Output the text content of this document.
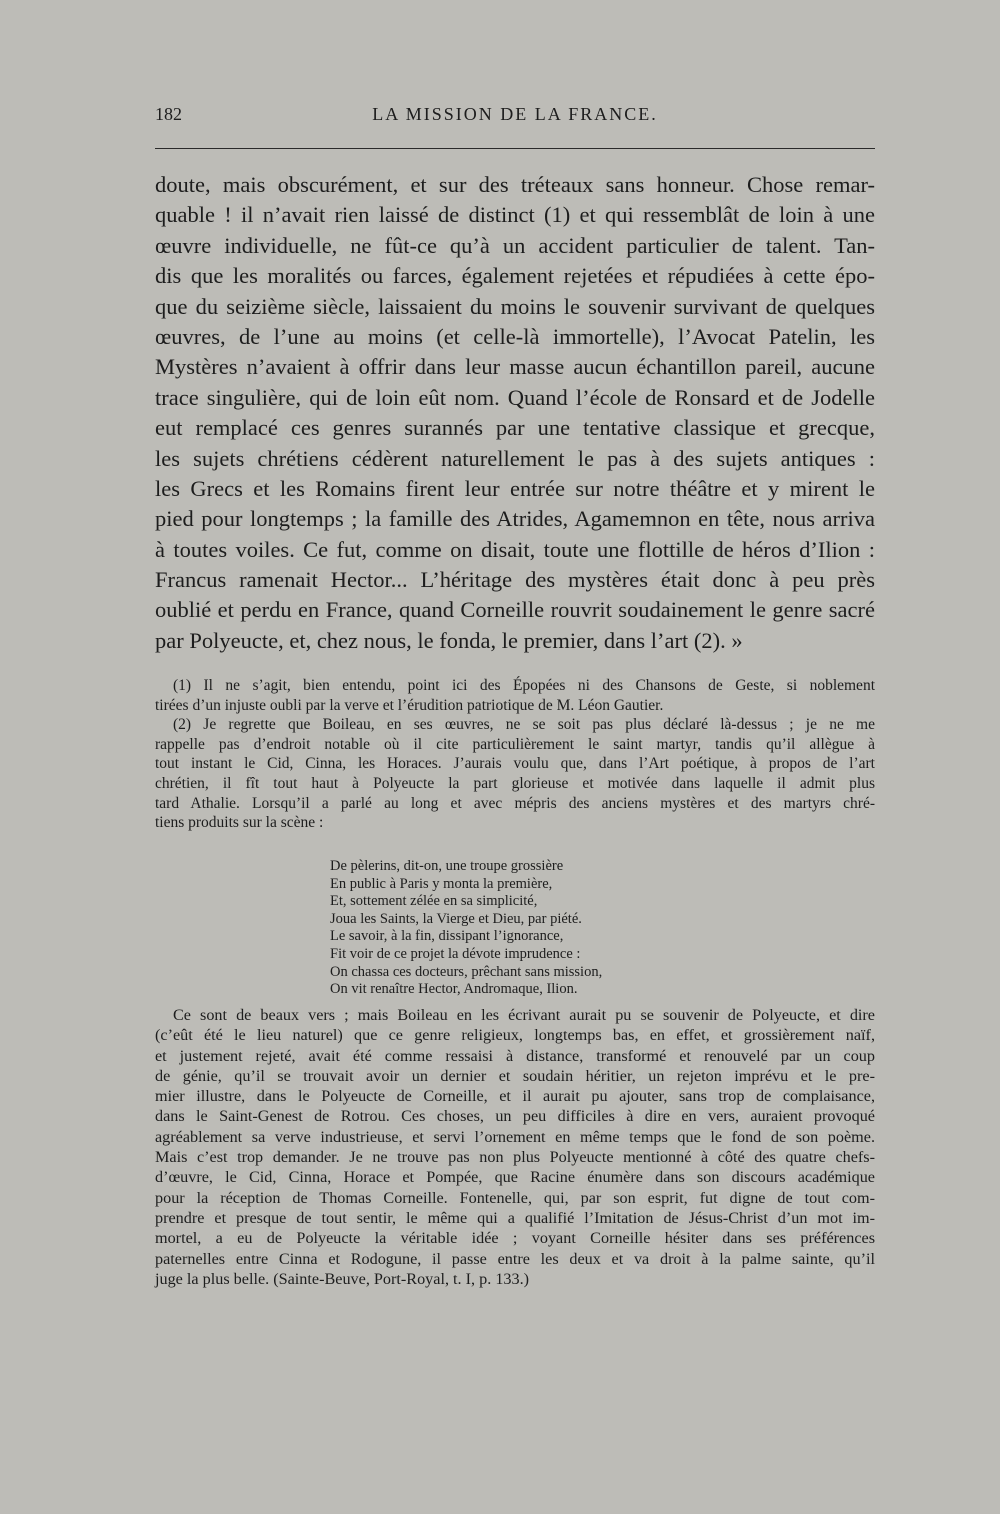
182	LA MISSION DE LA FRANCE.
doute, mais obscurément, et sur des tréteaux sans honneur. Chose remar-
quable ! il n’avait rien laissé de distinct (1) et qui ressemblât de loin à une
œuvre individuelle, ne fût-ce qu’à un accident particulier de talent. Tan-
dis que les moralités ou farces, également rejetées et répudiées à cette épo-
que du seizième siècle, laissaient du moins le souvenir survivant de quelques
œuvres, de l’une au moins (et celle-là immortelle), l’Avocat Patelin, les
Mystères n’avaient à offrir dans leur masse aucun échantillon pareil, aucune
trace singulière, qui de loin eût nom. Quand l’école de Ronsard et de Jodelle
eut remplacé ces genres surannés par une tentative classique et grecque,
les sujets chrétiens cédèrent naturellement le pas à des sujets antiques :
les Grecs et les Romains firent leur entrée sur notre théâtre et y mirent le
pied pour longtemps ; la famille des Atrides, Agamemnon en tête, nous arriva
à toutes voiles. Ce fut, comme on disait, toute une flottille de héros d’Ilion :
Francus ramenait Hector... L’héritage des mystères était donc à peu près
oublié et perdu en France, quand Corneille rouvrit soudainement le genre sacré
par Polyeucte, et, chez nous, le fonda, le premier, dans l’art (2). »
(1) Il ne s’agit, bien entendu, point ici des Épopées ni des Chansons de Geste, si noblement
tirées d’un injuste oubli par la verve et l’érudition patriotique de M. Léon Gautier.
(2) Je regrette que Boileau, en ses œuvres, ne se soit pas plus déclaré là-dessus ; je ne me
rappelle pas d’endroit notable où il cite particulièrement le saint martyr, tandis qu’il allègue à
tout instant le Cid, Cinna, les Horaces. J’aurais voulu que, dans l’Art poétique, à propos de l’art
chrétien, il fît tout haut à Polyeucte la part glorieuse et motivée dans laquelle il admit plus
tard Athalie. Lorsqu’il a parlé au long et avec mépris des anciens mystères et des martyrs chré-
tiens produits sur la scène :
De pèlerins, dit-on, une troupe grossière
En public à Paris y monta la première,
Et, sottement zélée en sa simplicité,
Joua les Saints, la Vierge et Dieu, par piété.
Le savoir, à la fin, dissipant l’ignorance,
Fit voir de ce projet la dévote imprudence :
On chassa ces docteurs, prêchant sans mission,
On vit renaître Hector, Andromaque, Ilion.
Ce sont de beaux vers ; mais Boileau en les écrivant aurait pu se souvenir de Polyeucte, et dire
(c’eût été le lieu naturel) que ce genre religieux, longtemps bas, en effet, et grossièrement naïf,
et justement rejeté, avait été comme ressaisi à distance, transformé et renouvelé par un coup
de génie, qu’il se trouvait avoir un dernier et soudain héritier, un rejeton imprévu et le pre-
mier illustre, dans le Polyeucte de Corneille, et il aurait pu ajouter, sans trop de complaisance,
dans le Saint-Genest de Rotrou. Ces choses, un peu difficiles à dire en vers, auraient provoqué
agréablement sa verve industrieuse, et servi l’ornement en même temps que le fond de son poème.
Mais c’est trop demander. Je ne trouve pas non plus Polyeucte mentionné à côté des quatre chefs-
d’œuvre, le Cid, Cinna, Horace et Pompée, que Racine énumère dans son discours académique
pour la réception de Thomas Corneille. Fontenelle, qui, par son esprit, fut digne de tout com-
prendre et presque de tout sentir, le même qui a qualifié l’Imitation de Jésus-Christ d’un mot im-
mortel, a eu de Polyeucte la véritable idée ; voyant Corneille hésiter dans ses préférences
paternelles entre Cinna et Rodogune, il passe entre les deux et va droit à la palme sainte, qu’il
juge la plus belle. (Sainte-Beuve, Port-Royal, t. I, p. 133.)
